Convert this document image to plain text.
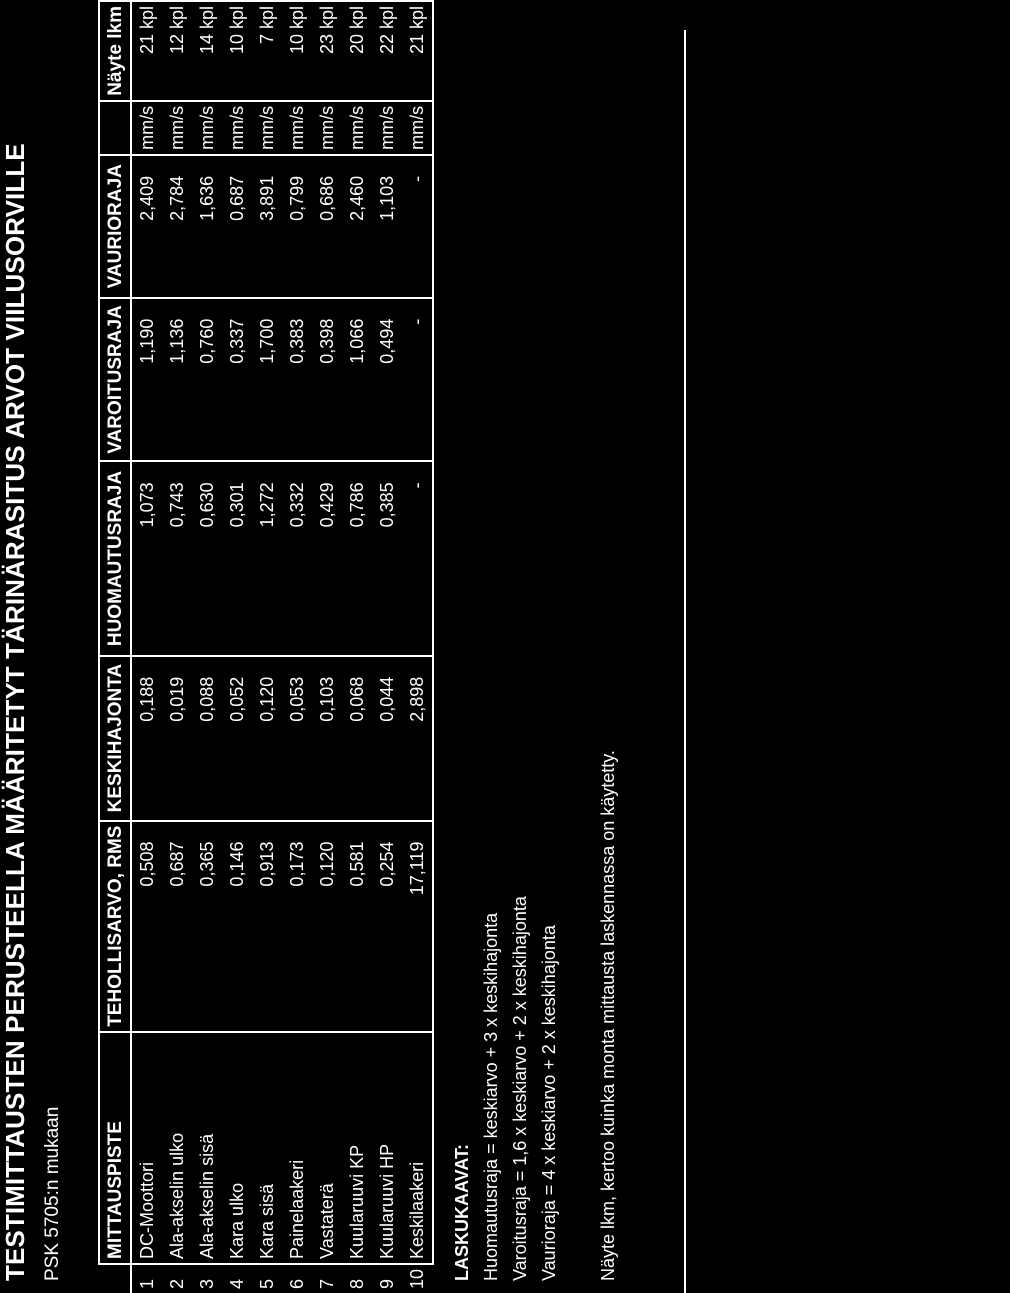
TESTIMITTAUSTEN PERUSTEELLA MÄÄRITETYT TÄRINÄRASITUS ARVOT VIILUSORVILLE PSK 5705:n mukaan
	MITTAUSPISTE	TEHOLLISARVO, RMS	KESKIHAJONTA	HUOMAUTUSRAJA	VAROITUSRAJA	VAURIORAJA		Näyte lkm
1	DC-Moottori	0,508	0,188	1,073	1,190	2,409	mm/s	21 kpl
2	Ala-akselin ulko	0,687	0,019	0,743	1,136	2,784	mm/s	12 kpl
3	Ala-akselin sisä	0,365	0,088	0,630	0,760	1,636	mm/s	14 kpl
4	Kara ulko	0,146	0,052	0,301	0,337	0,687	mm/s	10 kpl
5	Kara sisä	0,913	0,120	1,272	1,700	3,891	mm/s	7 kpl
6	Painelaakeri	0,173	0,053	0,332	0,383	0,799	mm/s	10 kpl
7	Vastaterä	0,120	0,103	0,429	0,398	0,686	mm/s	23 kpl
8	Kuularuuvi KP	0,581	0,068	0,786	1,066	2,460	mm/s	20 kpl
9	Kuularuuvi HP	0,254	0,044	0,385	0,494	1,103	mm/s	22 kpl
10	Keskilaakeri	17,119	2,898	-	-	-	mm/s	21 kpl
LASKUKAAVAT: Huomautusraja = keskiarvo + 3 x keskihajonta Varoitusraja = 1,6 x keskiarvo + 2 x keskihajonta Vaurioraja = 4 x keskiarvo + 2 x keskihajonta Näyte lkm, kertoo kuinka monta mittausta laskennassa on käytetty.
